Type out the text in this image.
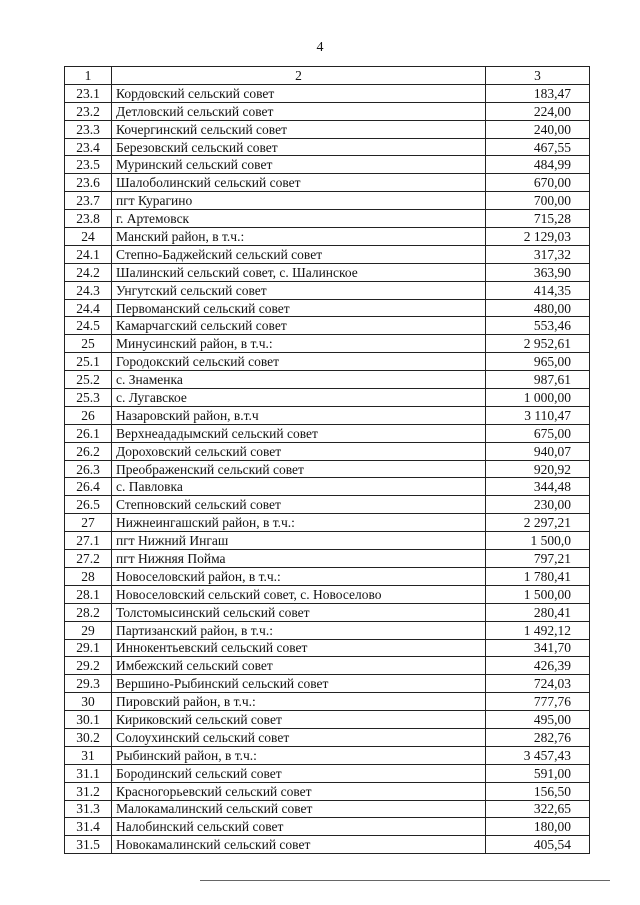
4
1	2	3
23.1	Кордовский сельский совет	183,47
23.2	Детловский сельский совет	224,00
23.3	Кочергинский сельский совет	240,00
23.4	Березовский сельский совет	467,55
23.5	Муринский сельский совет	484,99
23.6	Шалоболинский сельский совет	670,00
23.7	пгт Курагино	700,00
23.8	г. Артемовск	715,28
24	Манский район, в т.ч.:	2 129,03
24.1	Степно-Баджейский сельский совет	317,32
24.2	Шалинский сельский совет, с. Шалинское	363,90
24.3	Унгутский сельский совет	414,35
24.4	Первоманский сельский совет	480,00
24.5	Камарчагский сельский совет	553,46
25	Минусинский район, в т.ч.:	2 952,61
25.1	Городокский сельский совет	965,00
25.2	с. Знаменка	987,61
25.3	с. Лугавское	1 000,00
26	Назаровский район, в.т.ч	3 110,47
26.1	Верхнеададымский сельский совет	675,00
26.2	Дороховский сельский совет	940,07
26.3	Преображенский сельский совет	920,92
26.4	с. Павловка	344,48
26.5	Степновский сельский совет	230,00
27	Нижнеингашский район, в т.ч.:	2 297,21
27.1	пгт Нижний Ингаш	1 500,0
27.2	пгт Нижняя Пойма	797,21
28	Новоселовский район, в т.ч.:	1 780,41
28.1	Новоселовский сельский совет, с. Новоселово	1 500,00
28.2	Толстомысинский сельский совет	280,41
29	Партизанский район, в т.ч.:	1 492,12
29.1	Иннокентьевский сельский совет	341,70
29.2	Имбежский сельский совет	426,39
29.3	Вершино-Рыбинский сельский совет	724,03
30	Пировский район, в т.ч.:	777,76
30.1	Кириковский сельский совет	495,00
30.2	Солоухинский сельский совет	282,76
31	Рыбинский район, в т.ч.:	3 457,43
31.1	Бородинский сельский совет	591,00
31.2	Красногорьевский сельский совет	156,50
31.3	Малокамалинский сельский совет	322,65
31.4	Налобинский сельский совет	180,00
31.5	Новокамалинский сельский совет	405,54
